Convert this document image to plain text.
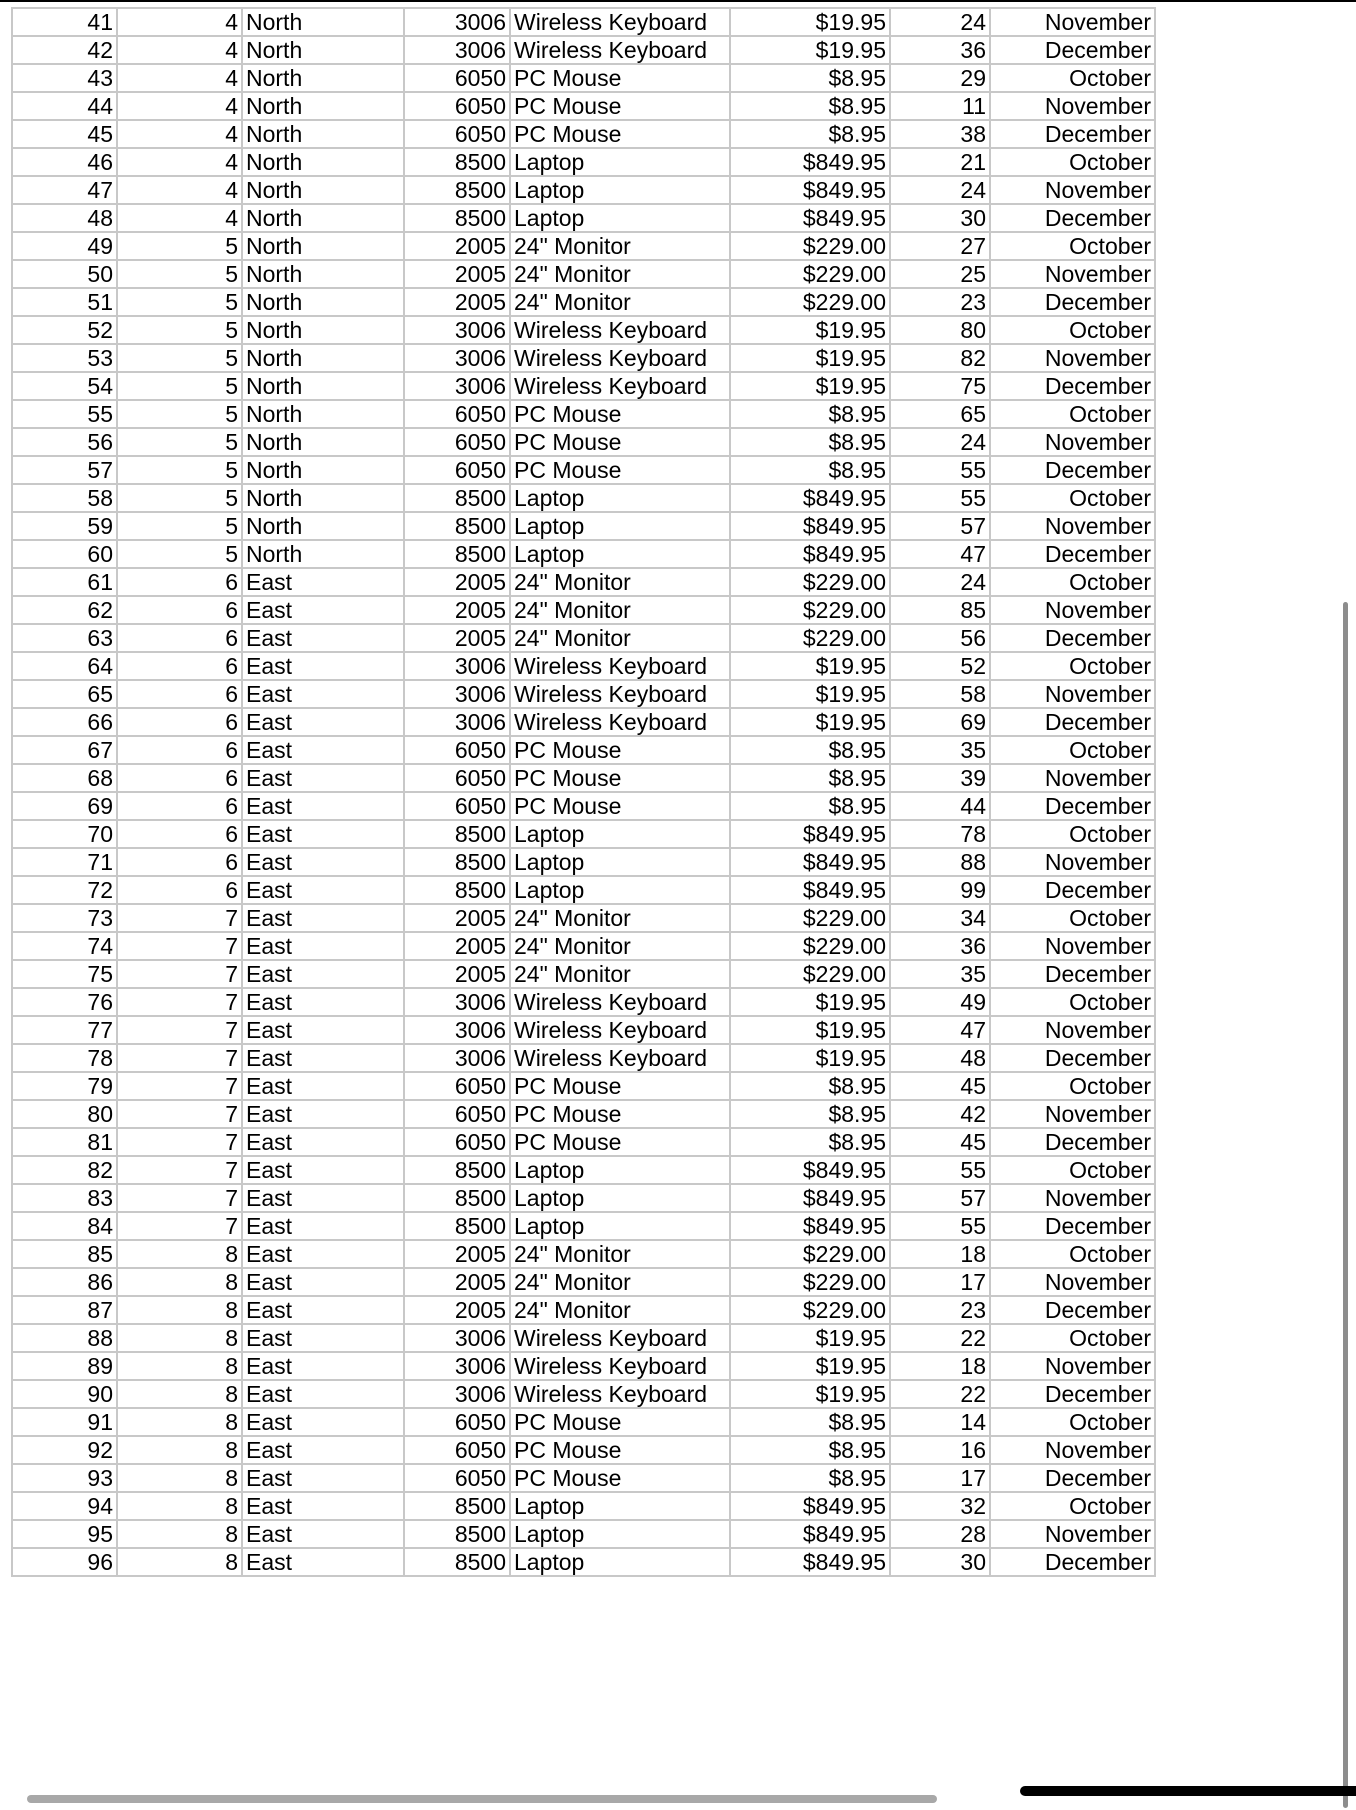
41	4	North	3006	Wireless Keyboard	$19.95	24	November
42	4	North	3006	Wireless Keyboard	$19.95	36	December
43	4	North	6050	PC Mouse	$8.95	29	October
44	4	North	6050	PC Mouse	$8.95	11	November
45	4	North	6050	PC Mouse	$8.95	38	December
46	4	North	8500	Laptop	$849.95	21	October
47	4	North	8500	Laptop	$849.95	24	November
48	4	North	8500	Laptop	$849.95	30	December
49	5	North	2005	24" Monitor	$229.00	27	October
50	5	North	2005	24" Monitor	$229.00	25	November
51	5	North	2005	24" Monitor	$229.00	23	December
52	5	North	3006	Wireless Keyboard	$19.95	80	October
53	5	North	3006	Wireless Keyboard	$19.95	82	November
54	5	North	3006	Wireless Keyboard	$19.95	75	December
55	5	North	6050	PC Mouse	$8.95	65	October
56	5	North	6050	PC Mouse	$8.95	24	November
57	5	North	6050	PC Mouse	$8.95	55	December
58	5	North	8500	Laptop	$849.95	55	October
59	5	North	8500	Laptop	$849.95	57	November
60	5	North	8500	Laptop	$849.95	47	December
61	6	East	2005	24" Monitor	$229.00	24	October
62	6	East	2005	24" Monitor	$229.00	85	November
63	6	East	2005	24" Monitor	$229.00	56	December
64	6	East	3006	Wireless Keyboard	$19.95	52	October
65	6	East	3006	Wireless Keyboard	$19.95	58	November
66	6	East	3006	Wireless Keyboard	$19.95	69	December
67	6	East	6050	PC Mouse	$8.95	35	October
68	6	East	6050	PC Mouse	$8.95	39	November
69	6	East	6050	PC Mouse	$8.95	44	December
70	6	East	8500	Laptop	$849.95	78	October
71	6	East	8500	Laptop	$849.95	88	November
72	6	East	8500	Laptop	$849.95	99	December
73	7	East	2005	24" Monitor	$229.00	34	October
74	7	East	2005	24" Monitor	$229.00	36	November
75	7	East	2005	24" Monitor	$229.00	35	December
76	7	East	3006	Wireless Keyboard	$19.95	49	October
77	7	East	3006	Wireless Keyboard	$19.95	47	November
78	7	East	3006	Wireless Keyboard	$19.95	48	December
79	7	East	6050	PC Mouse	$8.95	45	October
80	7	East	6050	PC Mouse	$8.95	42	November
81	7	East	6050	PC Mouse	$8.95	45	December
82	7	East	8500	Laptop	$849.95	55	October
83	7	East	8500	Laptop	$849.95	57	November
84	7	East	8500	Laptop	$849.95	55	December
85	8	East	2005	24" Monitor	$229.00	18	October
86	8	East	2005	24" Monitor	$229.00	17	November
87	8	East	2005	24" Monitor	$229.00	23	December
88	8	East	3006	Wireless Keyboard	$19.95	22	October
89	8	East	3006	Wireless Keyboard	$19.95	18	November
90	8	East	3006	Wireless Keyboard	$19.95	22	December
91	8	East	6050	PC Mouse	$8.95	14	October
92	8	East	6050	PC Mouse	$8.95	16	November
93	8	East	6050	PC Mouse	$8.95	17	December
94	8	East	8500	Laptop	$849.95	32	October
95	8	East	8500	Laptop	$849.95	28	November
96	8	East	8500	Laptop	$849.95	30	December
